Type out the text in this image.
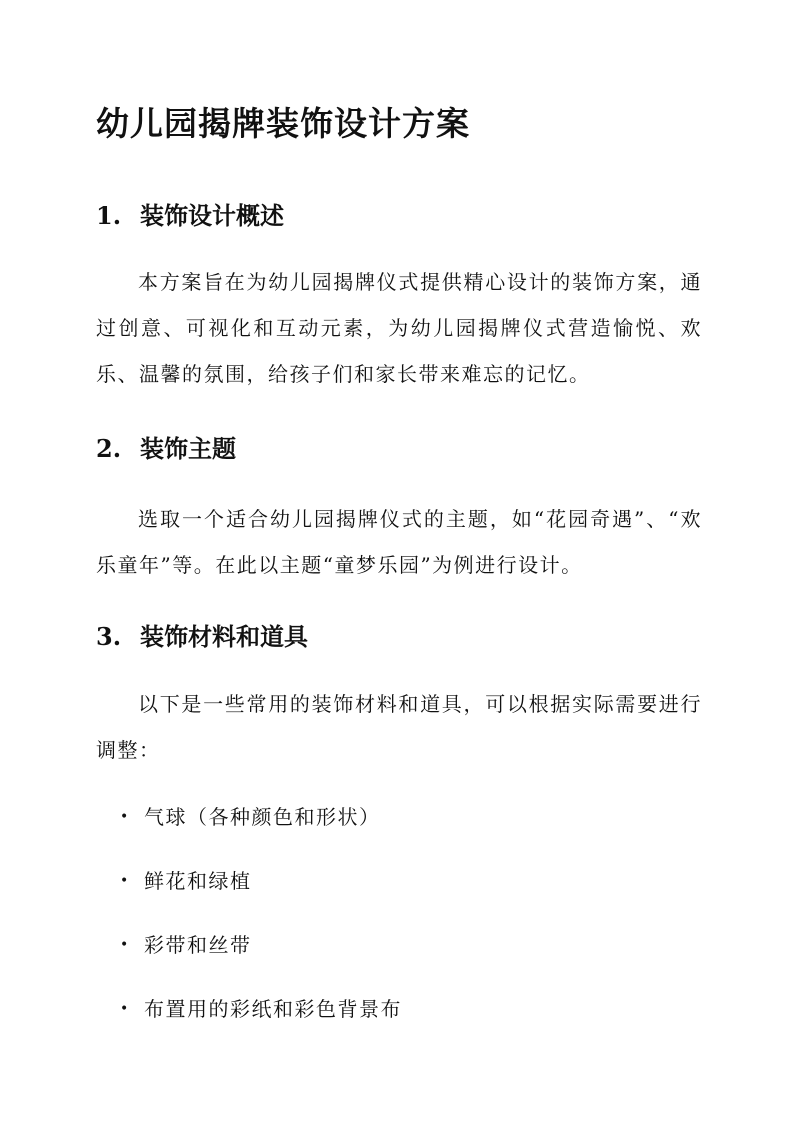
幼儿园揭牌装饰设计方案
1. 装饰设计概述

本方案旨在为幼儿园揭牌仪式提供精心设计的装饰方案，通过创意、可视化和互动元素，为幼儿园揭牌仪式营造愉悦、欢乐、温馨的氛围，给孩子们和家长带来难忘的记忆。

2. 装饰主题

选取一个适合幼儿园揭牌仪式的主题，如“花园奇遇”、“欢乐童年”等。在此以主题“童梦乐园”为例进行设计。

3. 装饰材料和道具

以下是一些常用的装饰材料和道具，可以根据实际需要进行调整：

• 气球（各种颜色和形状）
• 鲜花和绿植
• 彩带和丝带
• 布置用的彩纸和彩色背景布
